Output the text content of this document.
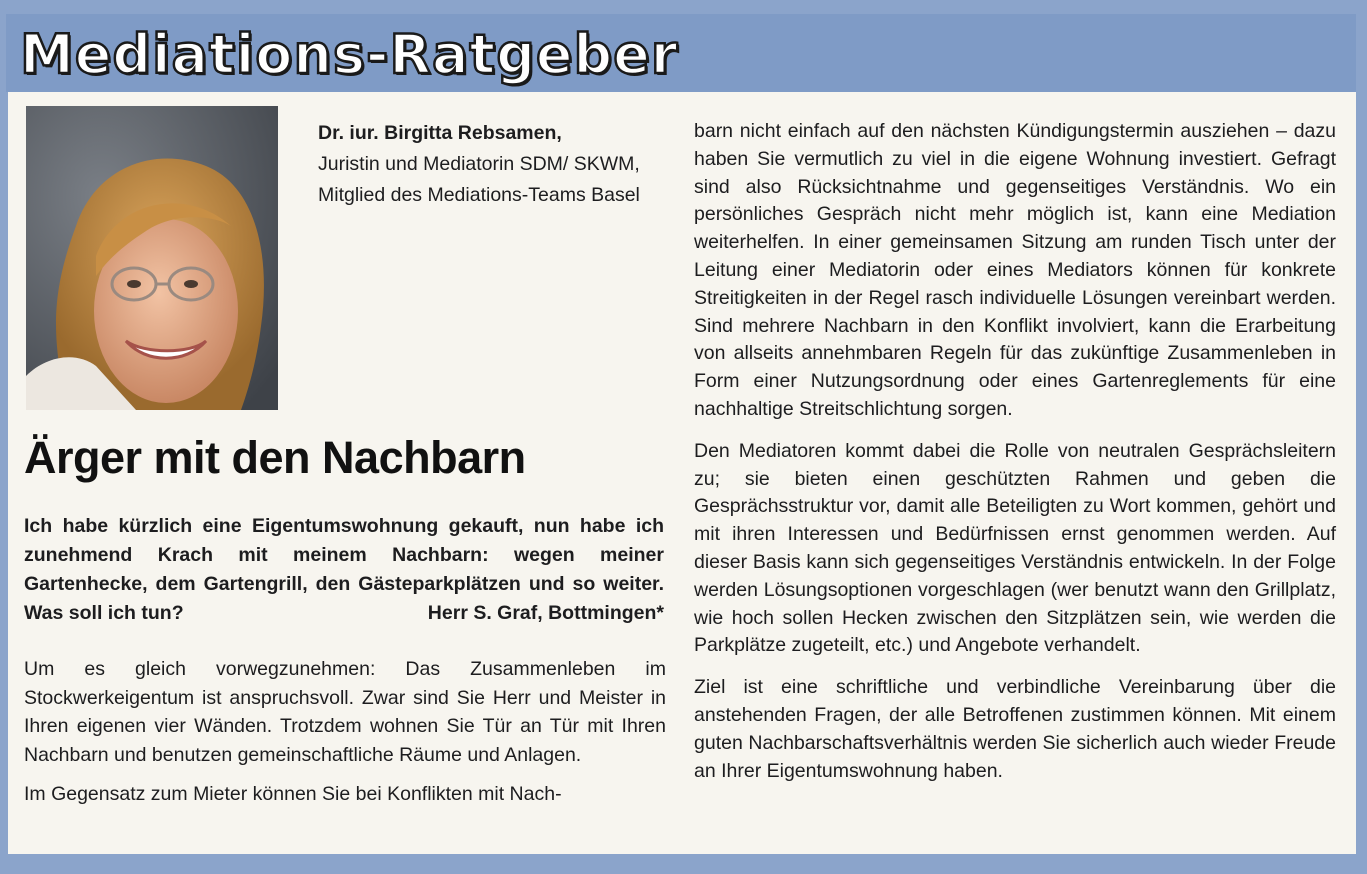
Mediations-Ratgeber
Dr. iur. Birgitta Rebsamen,
Juristin und Mediatorin SDM/ SKWM, Mitglied des Mediations-Teams Basel
Ärger mit den Nachbarn
Ich habe kürzlich eine Eigentumswohnung gekauft, nun habe ich zunehmend Krach mit meinem Nachbarn: wegen meiner Gartenhecke, dem Gartengrill, den Gästeparkplätzen und so weiter. Was soll ich tun?	Herr S. Graf, Bottmingen*

Um es gleich vorwegzunehmen: Das Zusammenleben im Stockwerkeigentum ist anspruchsvoll. Zwar sind Sie Herr und Meister in Ihren eigenen vier Wänden. Trotzdem wohnen Sie Tür an Tür mit Ihren Nachbarn und benutzen gemeinschaftliche Räume und Anlagen.

Im Gegensatz zum Mieter können Sie bei Konflikten mit Nach-

barn nicht einfach auf den nächsten Kündigungstermin ausziehen – dazu haben Sie vermutlich zu viel in die eigene Wohnung investiert. Gefragt sind also Rücksichtnahme und gegenseitiges Verständnis. Wo ein persönliches Gespräch nicht mehr möglich ist, kann eine Mediation weiterhelfen. In einer gemeinsamen Sitzung am runden Tisch unter der Leitung einer Mediatorin oder eines Mediators können für konkrete Streitigkeiten in der Regel rasch individuelle Lösungen vereinbart werden. Sind mehrere Nachbarn in den Konflikt involviert, kann die Erarbeitung von allseits annehmbaren Regeln für das zukünftige Zusammenleben in Form einer Nutzungsordnung oder eines Gartenreglements für eine nachhaltige Streitschlichtung sorgen.

Den Mediatoren kommt dabei die Rolle von neutralen Gesprächsleitern zu; sie bieten einen geschützten Rahmen und geben die Gesprächsstruktur vor, damit alle Beteiligten zu Wort kommen, gehört und mit ihren Interessen und Bedürfnissen ernst genommen werden. Auf dieser Basis kann sich gegenseitiges Verständnis entwickeln. In der Folge werden Lösungsoptionen vorgeschlagen (wer benutzt wann den Grillplatz, wie hoch sollen Hecken zwischen den Sitzplätzen sein, wie werden die Parkplätze zugeteilt, etc.) und Angebote verhandelt.

Ziel ist eine schriftliche und verbindliche Vereinbarung über die anstehenden Fragen, der alle Betroffenen zustimmen können. Mit einem guten Nachbarschaftsverhältnis werden Sie sicherlich auch wieder Freude an Ihrer Eigentumswohnung haben.
